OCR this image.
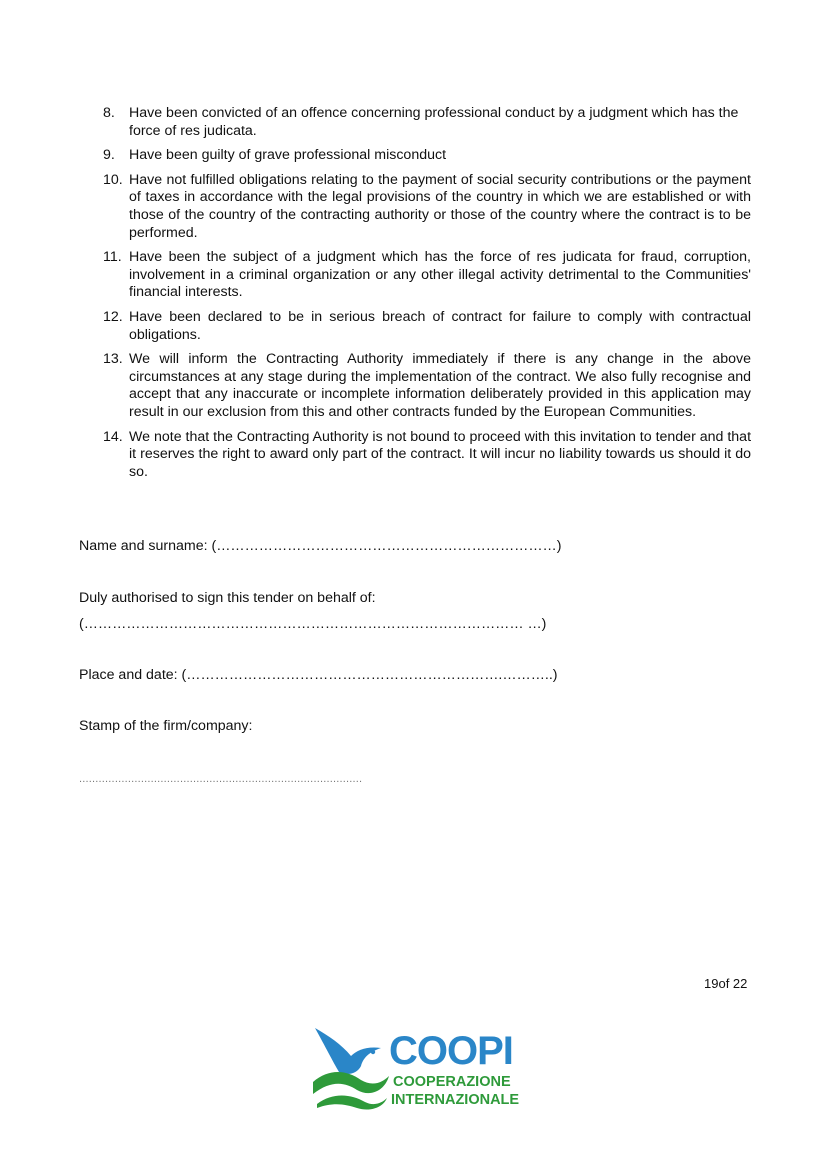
8. Have been convicted of an offence concerning professional conduct by a judgment which has the force of res judicata.
9. Have been guilty of grave professional misconduct
10. Have not fulfilled obligations relating to the payment of social security contributions or the payment of taxes in accordance with the legal provisions of the country in which we are established or with those of the country of the contracting authority or those of the country where the contract is to be performed.
11. Have been the subject of a judgment which has the force of res judicata for fraud, corruption, involvement in a criminal organization or any other illegal activity detrimental to the Communities' financial interests.
12. Have been declared to be in serious breach of contract for failure to comply with contractual obligations.
13. We will inform the Contracting Authority immediately if there is any change in the above circumstances at any stage during the implementation of the contract. We also fully recognise and accept that any inaccurate or incomplete information deliberately provided in this application may result in our exclusion from this and other contracts funded by the European Communities.
14. We note that the Contracting Authority is not bound to proceed with this invitation to tender and that it reserves the right to award only part of the contract. It will incur no liability towards us should it do so.
Name and surname: (………………………………………………………………)
Duly authorised to sign this tender on behalf of:
(………………………………………………………………………………… …)
Place and date: (………………………………………………………….………..)
Stamp of the firm/company:
.......................................................................................
19of 22
COOPI
COOPERAZIONE
INTERNAZIONALE
